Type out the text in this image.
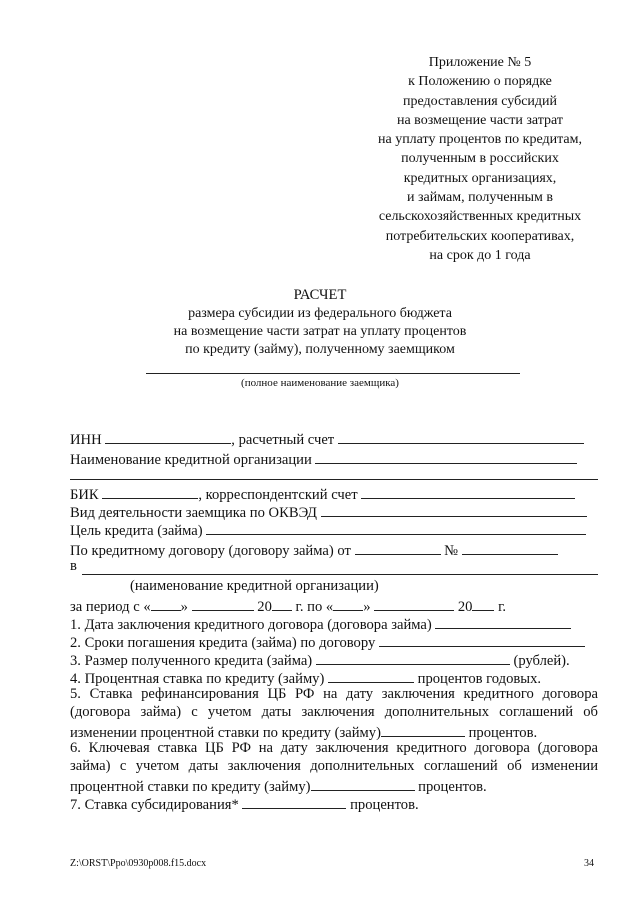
Приложение № 5
к Положению о порядке
предоставления субсидий
на возмещение части затрат
на уплату процентов по кредитам,
полученным в российских
кредитных организациях,
и займам, полученным в
сельскохозяйственных кредитных
потребительских кооперативах,
на срок до 1 года
РАСЧЕТ
размера субсидии из федерального бюджета
на возмещение части затрат на уплату процентов
по кредиту (займу), полученному заемщиком
(полное наименование заемщика)
ИНН	, расчетный счет
Наименование кредитной организации
БИК	, корреспондентский счет
Вид деятельности заемщика по ОКВЭД
Цель кредита (займа)
По кредитному договору (договору займа) от	№
в
(наименование кредитной организации)
за период с « »	20 г. по « »	20 г.
1. Дата заключения кредитного договора (договора займа)
2. Сроки погашения кредита (займа) по договору
3. Размер полученного кредита (займа)	(рублей).
4. Процентная ставка по кредиту (займу)	процентов годовых.
5. Ставка рефинансирования ЦБ РФ на дату заключения кредитного договора
(договора займа) с учетом даты заключения дополнительных соглашений об
изменении процентной ставки по кредиту (займу)	процентов.
6. Ключевая ставка ЦБ РФ на дату заключения кредитного договора (договора
займа) с учетом даты заключения дополнительных соглашений об изменении
процентной ставки по кредиту (займу)	процентов.
7. Ставка субсидирования*	процентов.
Z:\ORST\Ppo\0930p008.f15.docx	34
